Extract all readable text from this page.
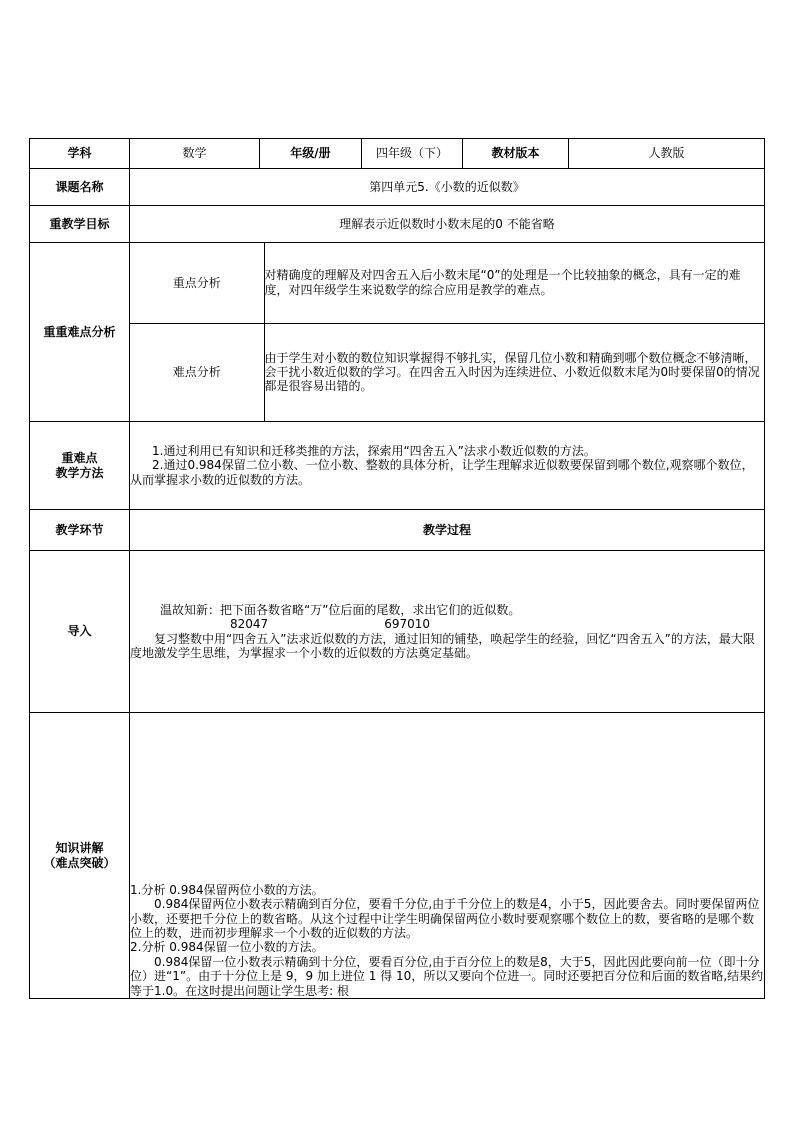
学科	数学	年级/册	四年级（下）	教材版本	人教版
课题名称	第四单元5.《小数的近似数》
重教学目标	理解表示近似数时小数末尾的0 不能省略
重重难点分析	
重点分析	对精确度的理解及对四舍五入后小数末尾“0”的处理是一个比较抽象的概念，具有一定的难度，对四年级学生来说数学的综合应用是教学的难点。
难点分析	由于学生对小数的数位知识掌握得不够扎实，保留几位小数和精确到哪个数位概念不够清晰，会干扰小数近似数的学习。在四舍五入时因为连续进位、小数近似数末尾为0时要保留0的情况都是很容易出错的。

重难点
教学方法

1.通过利用已有知识和迁移类推的方法，探索用“四舍五入”法求小数近似数的方法。

2.通过0.984保留二位小数、一位小数、整数的具体分析，让学生理解求近似数要保留到哪个数位,观察哪个数位，从而掌握求小数的近似数的方法。

教学环节	教学过程
导入	

温故知新：把下面各数省略“万”位后面的尾数，求出它们的近似数。

82047	697010

复习整数中用“四舍五入”法求近似数的方法，通过旧知的铺垫，唤起学生的经验，回忆“四舍五入”的方法，最大限度地激发学生思维，为掌握求一个小数的近似数的方法奠定基础。

知识讲解
（难点突破）

1.分析 0.984保留两位小数的方法。

0.984保留两位小数表示精确到百分位，要看千分位,由于千分位上的数是4，小于5，因此要舍去。同时要保留两位小数，还要把千分位上的数省略。从这个过程中让学生明确保留两位小数时要观察哪个数位上的数，要省略的是哪个数位上的数，进而初步理解求一个小数的近似数的方法。

2.分析 0.984保留一位小数的方法。

0.984保留一位小数表示精确到十分位，要看百分位,由于百分位上的数是8，大于5，因此因此要向前一位（即十分位）进“1”。由于十分位上是 9，9 加上进位 1 得 10，所以又要向个位进一。同时还要把百分位和后面的数省略,结果约等于1.0。在这时提出问题让学生思考: 根
